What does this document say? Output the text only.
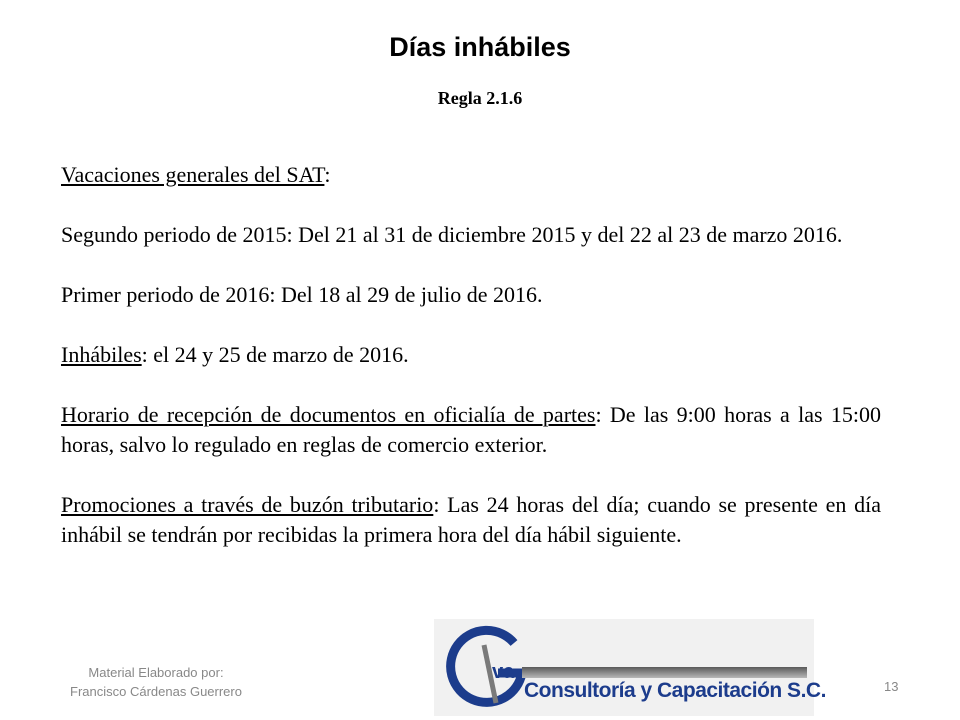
Días inhábiles
Regla 2.1.6

Vacaciones generales del SAT:

Segundo periodo de 2015: Del 21 al 31 de diciembre 2015 y del 22 al 23 de marzo 2016.

Primer periodo de 2016: Del 18 al 29 de julio de 2016.

Inhábiles: el 24 y 25 de marzo de 2016.

Horario de recepción de documentos en oficialía de partes: De las 9:00 horas a las 15:00 horas, salvo lo regulado en reglas de comercio exterior.

Promociones a través de buzón tributario: Las 24 horas del día; cuando se presente en día inhábil se tendrán por recibidas la primera hora del día hábil siguiente.

Material Elaborado por:
Francisco Cárdenas Guerrero	13
va
Consultoría y Capacitación S.C.
